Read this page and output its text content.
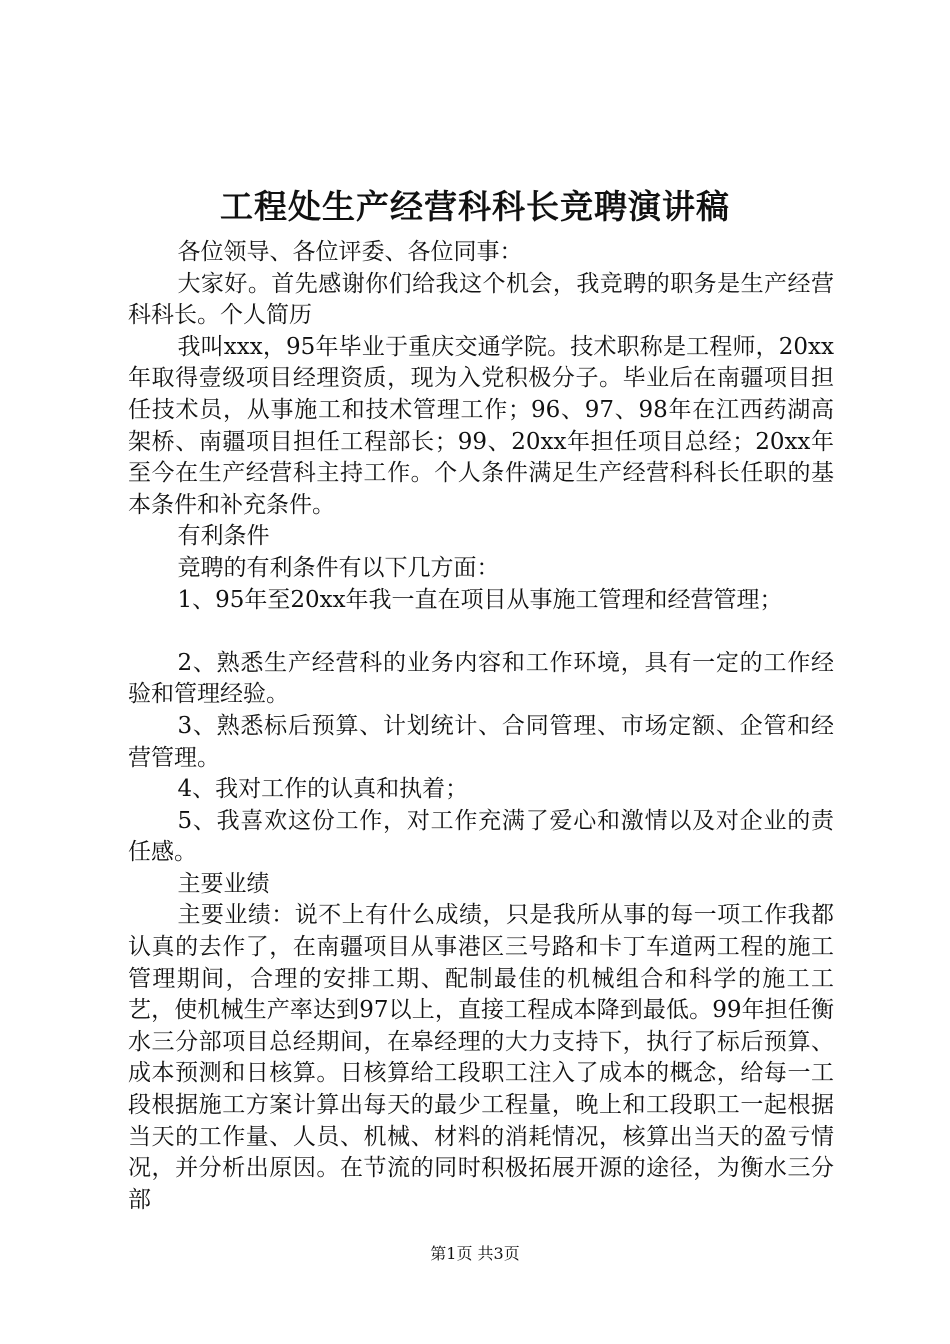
工程处生产经营科科长竞聘演讲稿

各位领导、各位评委、各位同事：

大家好。首先感谢你们给我这个机会，我竞聘的职务是生产经营科科长。个人简历

我叫xxx，95年毕业于重庆交通学院。技术职称是工程师，20xx年取得壹级项目经理资质，现为入党积极分子。毕业后在南疆项目担任技术员，从事施工和技术管理工作；96、97、98年在江西药湖高架桥、南疆项目担任工程部长；99、20xx年担任项目总经；20xx年至今在生产经营科主持工作。个人条件满足生产经营科科长任职的基本条件和补充条件。

有利条件

竞聘的有利条件有以下几方面：

1、95年至20xx年我一直在项目从事施工管理和经营管理；

2、熟悉生产经营科的业务内容和工作环境，具有一定的工作经验和管理经验。

3、熟悉标后预算、计划统计、合同管理、市场定额、企管和经营管理。

4、我对工作的认真和执着；

5、我喜欢这份工作，对工作充满了爱心和激情以及对企业的责任感。

主要业绩

主要业绩：说不上有什么成绩，只是我所从事的每一项工作我都认真的去作了，在南疆项目从事港区三号路和卡丁车道两工程的施工管理期间，合理的安排工期、配制最佳的机械组合和科学的施工工艺，使机械生产率达到97以上，直接工程成本降到最低。99年担任衡水三分部项目总经期间，在皋经理的大力支持下，执行了标后预算、成本预测和日核算。日核算给工段职工注入了成本的概念，给每一工段根据施工方案计算出每天的最少工程量，晚上和工段职工一起根据当天的工作量、人员、机械、材料的消耗情况，核算出当天的盈亏情况，并分析出原因。在节流的同时积极拓展开源的途径，为衡水三分部

第1页 共3页
